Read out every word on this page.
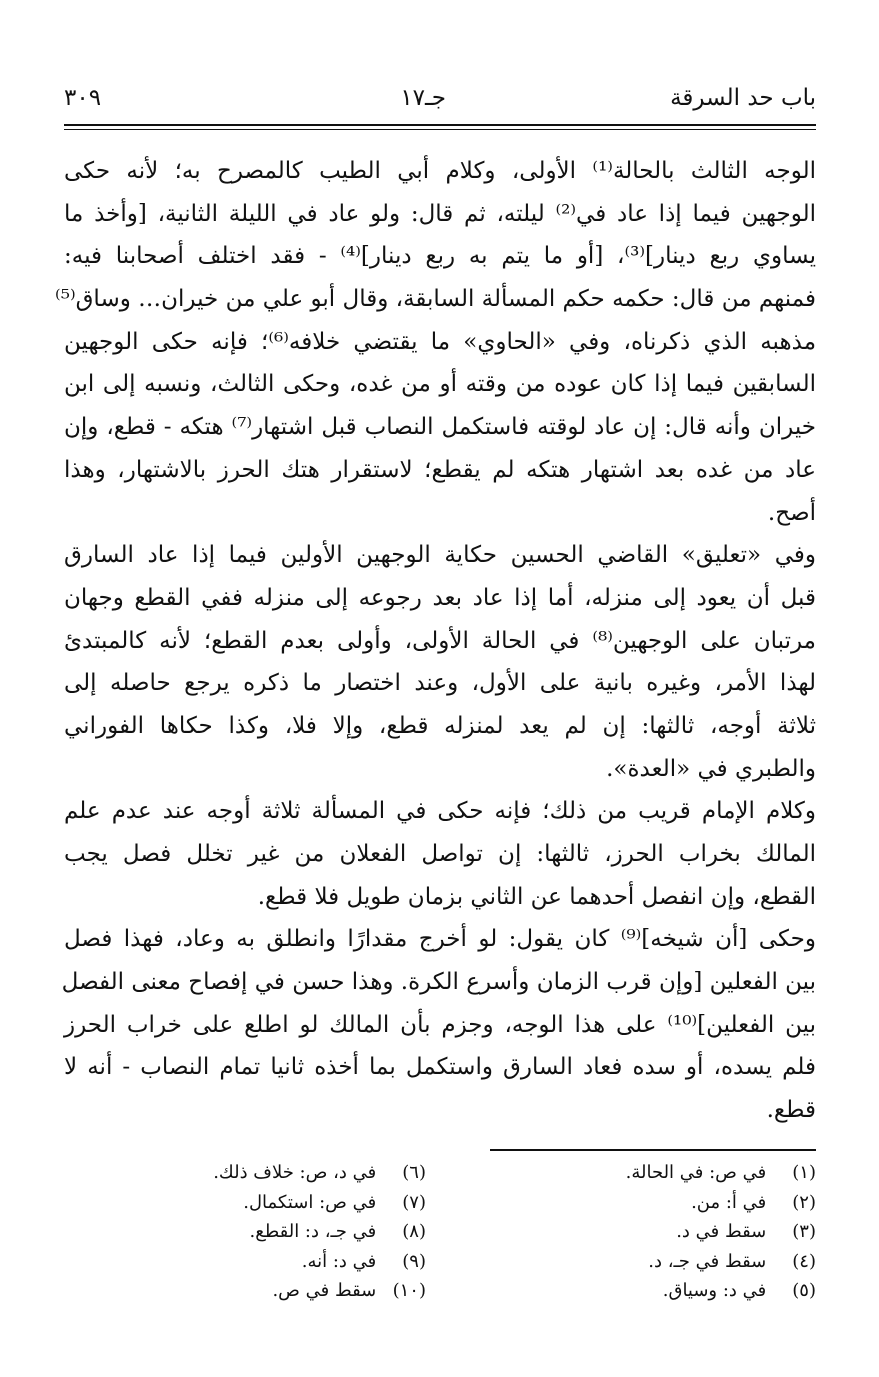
باب حد السرقة
جـ١٧
٣٠٩
الوجه الثالث بالحالة⁽¹⁾ الأولى، وكلام أبي الطيب كالمصرح به؛ لأنه حكى
الوجهين فيما إذا عاد في⁽²⁾ ليلته، ثم قال: ولو عاد في الليلة الثانية، [وأخذ ما
يساوي ربع دينار]⁽³⁾، [أو ما يتم به ربع دينار]⁽⁴⁾ - فقد اختلف أصحابنا فيه:
فمنهم من قال: حكمه حكم المسألة السابقة، وقال أبو علي من خيران… وساق⁽⁵⁾
مذهبه الذي ذكرناه، وفي «الحاوي» ما يقتضي خلافه⁽⁶⁾؛ فإنه حكى الوجهين
السابقين فيما إذا كان عوده من وقته أو من غده، وحكى الثالث، ونسبه إلى ابن
خيران وأنه قال: إن عاد لوقته فاستكمل النصاب قبل اشتهار⁽⁷⁾ هتكه - قطع، وإن
عاد من غده بعد اشتهار هتكه لم يقطع؛ لاستقرار هتك الحرز بالاشتهار، وهذا
أصح.
وفي «تعليق» القاضي الحسين حكاية الوجهين الأولين فيما إذا عاد السارق
قبل أن يعود إلى منزله، أما إذا عاد بعد رجوعه إلى منزله ففي القطع وجهان
مرتبان على الوجهين⁽⁸⁾ في الحالة الأولى، وأولى بعدم القطع؛ لأنه كالمبتدئ
لهذا الأمر، وغيره بانية على الأول، وعند اختصار ما ذكره يرجع حاصله إلى
ثلاثة أوجه، ثالثها: إن لم يعد لمنزله قطع، وإلا فلا، وكذا حكاها الفوراني
والطبري في «العدة».
وكلام الإمام قريب من ذلك؛ فإنه حكى في المسألة ثلاثة أوجه عند عدم علم
المالك بخراب الحرز، ثالثها: إن تواصل الفعلان من غير تخلل فصل يجب
القطع، وإن انفصل أحدهما عن الثاني بزمان طويل فلا قطع.
وحكى [أن شيخه]⁽⁹⁾ كان يقول: لو أخرج مقدارًا وانطلق به وعاد، فهذا فصل
بين الفعلين [وإن قرب الزمان وأسرع الكرة. وهذا حسن في إفصاح معنى الفصل
بين الفعلين]⁽¹⁰⁾ على هذا الوجه، وجزم بأن المالك لو اطلع على خراب الحرز
فلم يسده، أو سده فعاد السارق واستكمل بما أخذه ثانيا تمام النصاب - أنه لا
قطع.
(١) في ص: في الحالة.
(٢) في أ: من.
(٣) سقط في د.
(٤) سقط في جـ، د.
(٥) في د: وسياق.
(٦) في د، ص: خلاف ذلك.
(٧) في ص: استكمال.
(٨) في جـ، د: القطع.
(٩) في د: أنه.
(١٠) سقط في ص.
